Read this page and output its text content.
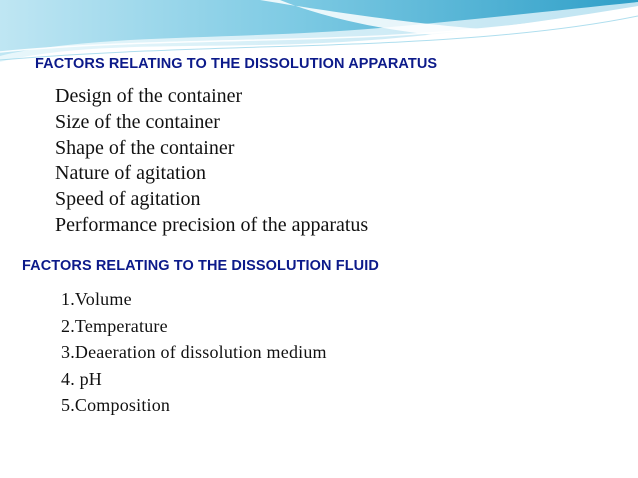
FACTORS RELATING TO THE DISSOLUTION APPARATUS
Design of the container
Size of the container
Shape of the container
Nature of agitation
Speed of agitation
Performance precision of the apparatus
FACTORS RELATING TO THE DISSOLUTION FLUID
1.Volume
2.Temperature
3.Deaeration of dissolution medium
4. pH
5.Composition
